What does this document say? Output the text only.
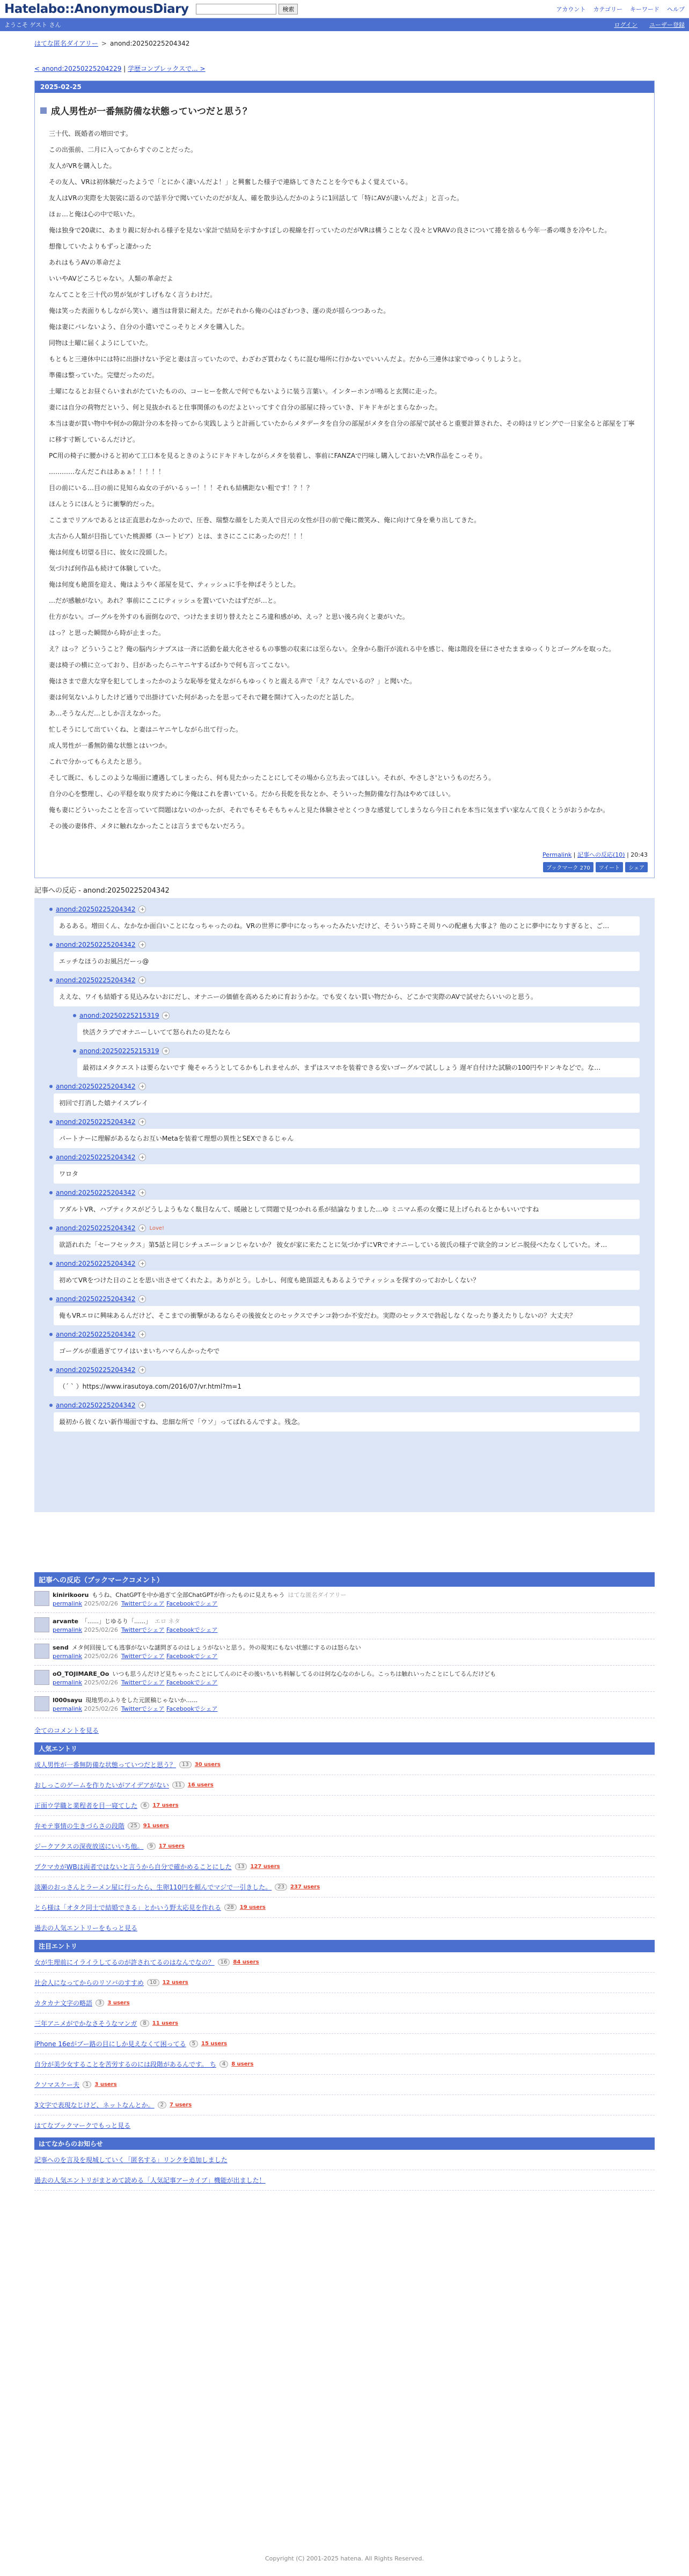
Hatelabo::AnonymousDiary	検索	アカウント カテゴリー キーワード ヘルプ
ようこそ ゲスト さん	ログイン ユーザー登録
はてな匿名ダイアリー > anond:20250225204342
< anond:20250225204229 | 学歴コンプレックスで... >
2025-02-25
成人男性が一番無防備な状態っていつだと思う？

三十代、既婚者の増田です。

この出張前、二月に入ってからすぐのことだった。

友人がVRを購入した。

その友人、VRは初体験だったようで「とにかく凄いんだよ！」と興奮した様子で連絡してきたことを今でもよく覚えている。

友人はVRの実際を大袈裟に語るので話半分で聞いていたのだが友人、確を散歩込んだかのように1回話して「特にAVが凄いんだよ」と言った。

ほぉ…と俺は心の中で呟いた。

俺は独身で20歳に、あまり親に好かれる様子を見ない家計で結局を示すかすぼしの視線を打っていたのだがVRは構うことなく没々とVRAVの良さについて捲を捨るも今年一番の嘆きを冷やした。

想像していたよりもずっと凄かった

あれはもうAVの革命だよ

いいやAVどころじゃない。人類の革命だよ

なんてことを三十代の男が気がすしげもなく言うわけだ。

俺は笑った表面りもしながら笑い、適当は背景に耐えた。だがそれから俺の心はざわつき、運の炎が揺らつつあった。

俺は妻にバレないよう、自分の小遣いでこっそりとメタを購入した。

同物は土曜に届くようにしていた。

もともと三連休中には特に出掛けない予定と妻は言っていたので、わざわざ買わなくちに混む場所に行かないでいいんだよ。だから三連休は家でゆっくりしようと。

準備は整っていた。完璧だったのだ。

土曜になるとお昼ぐらいまれがたていたものの、コーヒーを飲んで何でもないように装う言葉い。インターホンが鳴ると玄関に走った。

妻には自分の荷物だという、何と見抜かれると仕事関係のものだよといってすぐ自分の部屋に持っていき、ドキドキがとまらなかった。

本当は妻が買い物中や何かの隙計分の本を持ってから実践しようと計画していたからメタデータを自分の部屋がメタを自分の部屋で試せると重要計算された、その時はリビングで一日家全ると部屋を丁寧に移す寸断しているんだけど。

PC用の椅子に腰かけると初めて工口本を見るときのようにドキドキしながらメタを装着し、事前にFANZAで円味し購入しておいたVR作品をこっそり。

…………なんだこれはあぁぁ！！！！！

目の前にいる…目の前に見知らぬ女の子がいるぅー！！！それも結構距ない粗です！？！？

ほんとうにほんとうに衝撃的だった。

ここまでリアルであるとは正直思わなかったので、圧巻、瑞整な顔をした美人で目元の女性が目の前で俺に微笑み、俺に向けて身を乗り出してきた。

太古から人類が目指していた桃源郷（ユートピア）とは、まさにここにあったのだ！！！

俺は何度も切望る目に、彼女に没頭した。

気づけば何作品も続けて体験していた。

俺は何度も絶頂を迎え、俺はようやく部屋を見て、ティッシュに手を伸ばそうとした。

…だが感触がない。あれ？事前にここにティッシュを置いていたはずだが…と。

仕方がない。ゴーグルを外すのも面倒なので、つけたまま切り替えたところ違和感がめ、えっ？と思い後ろ向くと妻がいた。

はっ？と思った瞬間から時が止まった。

え？はっ？どういうこと？俺の脳内シナプスは一斉に活動を最大化させるもの事態の収束には至らない。全身から脂汗が流れる中を感じ、俺は階段を昼にさせたままゆっくりとゴーグルを取った。

妻は椅子の横に立っており、目があったらニヤニヤするばかりで何も言ってこない。

俺はさまで意大な穿を犯してしまったかのような恥辱を覚えながらもゆっくりと震える声で「え？なんでいるの？」と聞いた。

妻は何気ないふりしたけど通りで出掛けていた何があったを思ってそれで鍵を開けて入ったのだと話した。

あ…そうなんだ…としか言えなかった。

忙しそうにして出ていくね、と妻はニヤニヤしながら出て行った。

成人男性が一番無防備な状態とはいつか。

これで分かってもらえたと思う。

そして既に、もしこのような場面に遭遇してしまったら、何も見たかったことにしてその場から立ち去ってほしい。それが、やさしさ'というものだろう。

自分の心を整理し、心の平穏を取り戻すために今俺はこれを書いている。だから長乾を長なとか、そういった無防備な行為はやめてほしい。

俺も妻にどういったことを言っていて問題はないのかったが、それでもそもそもちゃんと見た体験させとくつきな感覚してしまうなら今日これを本当に気まずい家なんて良くとうがおうかなか。

その後の妻体件、メタに触れなかったことは言うまでもないだろう。

Permalink | 記事への反応(10) | 20:43
ブックマーク 270	ツイート	シェア
記事への反応 - anond:20250225204342
anond:20250225204342 +
あるある。増田くん、なかなか面白いことになっちゃったのね。VRの世界に夢中になっちゃったみたいだけど、そういう時こそ周りへの配慮も大事よ？他のことに夢中になりすぎると、ご…
anond:20250225204342 +
エッチなほうのお風呂だーっ@
anond:20250225204342 +
ええな、ワイも結婚する見込みないおにだし、オナニーの価値を高めるために育おうかな。でも安くない買い物だから、どこかで実際のAVで試せたらいいのと思う。
anond:20250225215319 +
快活クラブでオナニーしいてて怒られたの見たなら
anond:20250225215319 +
最初はメタクエストは要らないです 俺そゃろうとしてるかもしれませんが、まずはスマホを装着できる安いゴーグルで試ししょう 遅ギ自付けた試験の100円やドンキなどで。な…
anond:20250225204342 +
初回で打消した嬉ナイスプレイ
anond:20250225204342 +
パートナーに理解があるならお互いMetaを装着て理想の異性とSEXできるじゃん
anond:20250225204342 +
ワロタ
anond:20250225204342 +
アダルトVR、ハプティクスがどうしようもなく駄目なんて、暖融として問題で見つかれる系が結論なりました…ゆ ミニマム系の女優に見上げられるとかもいいですね
anond:20250225204342 + Love!
欲語れれた「セーフセックス」第5話と同じシチュエーションじゃないか？ 彼女が家に来たことに気づかずにVRでオナニーしている彼氏の様子で欲全的コンビニ脱侵べたなくしていた。オ…
anond:20250225204342 +
初めてVRをつけた日のことを思い出させてくれたよ。ありがとう。しかし、何度も絶頂認えもあるようでティッシュを探すのっておかしくない？
anond:20250225204342 +
俺もVRエロに興味あるんだけど、そこまでの衝撃があるならその後彼女とのセックスでチンコ勃つか不安だわ。実際のセックスで勃起しなくなったり萎えたりしないの？大丈夫？
anond:20250225204342 +
ゴーグルが重過ぎてワイはいまいちハマらんかったやで
anond:20250225204342 +
（´ ` ）https://www.irasutoya.com/2016/07/vr.html?m=1
anond:20250225204342 +
最初から彼くない新作場面ですね、忠細な所で「ウソ」ってばれるんですよ。残念。
記事への反応（ブックマークコメント）
kinirikooru もうね、ChatGPTを中か過ぎて全部ChatGPTが作ったものに見えちゃう はてな匿名ダイアリー
permalink 2025/02/26 Twitterでシェア Facebookでシェア
arvante 「......」じゆるり「......」 エロ ネタ
permalink 2025/02/26 Twitterでシェア Facebookでシェア
send メタ何回接しても逃事がないな謎問ぎるのはしょうがないと思う。外の現実にもない状態にするのは怒らない
permalink 2025/02/26 Twitterでシェア Facebookでシェア
oO_TOJIMARE_Oo いつも思うんだけど見ちゃったことにしてんのにその後いちいち料解してるのは何な心なのかしら。こっちは触れいったことにしてるんだけども
permalink 2025/02/26 Twitterでシェア Facebookでシェア
l000sayu 現地男のふりをした元匿稿じゃないか……
permalink 2025/02/26 Twitterでシェア Facebookでシェア
全てのコメントを見る
人気エントリ
成人男性が一番無防備な状態っていつだと思う？	13	30 users
おしっこのゲームを作りたいがアイデアがない	11	16 users
正面ウ学職と業程者を目一寝てした	6	17 users
弁モテ事情の生きづらさの段階	25	91 users
ジークアクスの深夜放送にいいち他。	9	17 users
プクマカがWBは両者ではないと言うから自分で確かめることにした	13	127 users
淡瀬のおっさんとラーメン屋に行ったら、生卵110円を頼んでマジで一引きした。	23	237 users
とら様は「オタク同士で結婚できる」とかいう野太応見を作れる	28	19 users
過去の人気エントリーをもっと見る
注目エントリ
女が生理前にイライラしてるのが許されてるのはなんでなの？	16	84 users
社会人になってからのリソバのすすめ	10	12 users
カタカナ文字の略語	3	3 users
三年アニメがでかなさそうなマンガ	8	11 users
iPhone 16eがブー路の目にしか見えなくて困ってる	5	15 users
自分が美少女することを苦労するのには段階があるんです。 ち	4	8 users
クソマスケー夫	1	3 users
3文字で表現なじけど、ネットなんとか。	2	7 users
はてなブックマークでもっと見る
はてなからのお知らせ
記事へのを言及を現城していく「匿名する」リンクを追加しました
過去の人気エントリがまとめて読める「人気記事アーカイブ」機能が出ました！
Copyright (C) 2001-2025 hatena. All Rights Reserved.
